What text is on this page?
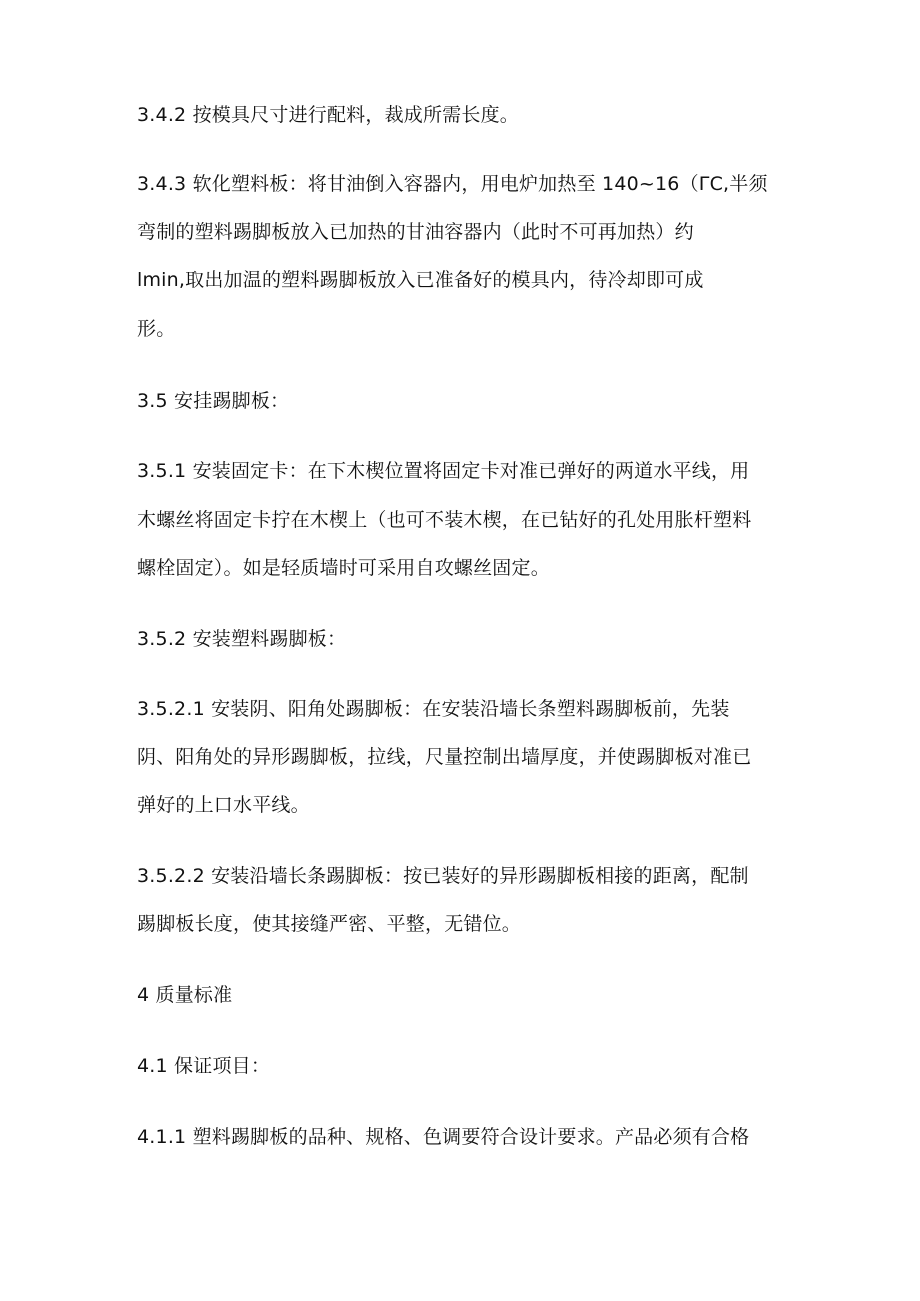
3.4.2 按模具尺寸进行配料，裁成所需长度。
3.4.3 软化塑料板：将甘油倒入容器内，用电炉加热至 140~16（ΓC,半须
弯制的塑料踢脚板放入已加热的甘油容器内（此时不可再加热）约
lmin,取出加温的塑料踢脚板放入已准备好的模具内，待冷却即可成
形。
3.5 安挂踢脚板：
3.5.1 安装固定卡：在下木楔位置将固定卡对准已弹好的两道水平线，用
木螺丝将固定卡拧在木楔上（也可不装木楔，在已钻好的孔处用胀杆塑料
螺栓固定）。如是轻质墙时可采用自攻螺丝固定。
3.5.2 安装塑料踢脚板：
3.5.2.1 安装阴、阳角处踢脚板：在安装沿墙长条塑料踢脚板前，先装
阴、阳角处的异形踢脚板，拉线，尺量控制出墙厚度，并使踢脚板对准已
弹好的上口水平线。
3.5.2.2 安装沿墙长条踢脚板：按已装好的异形踢脚板相接的距离，配制
踢脚板长度，使其接缝严密、平整，无错位。
4 质量标准
4.1 保证项目：
4.1.1 塑料踢脚板的品种、规格、色调要符合设计要求。产品必须有合格
